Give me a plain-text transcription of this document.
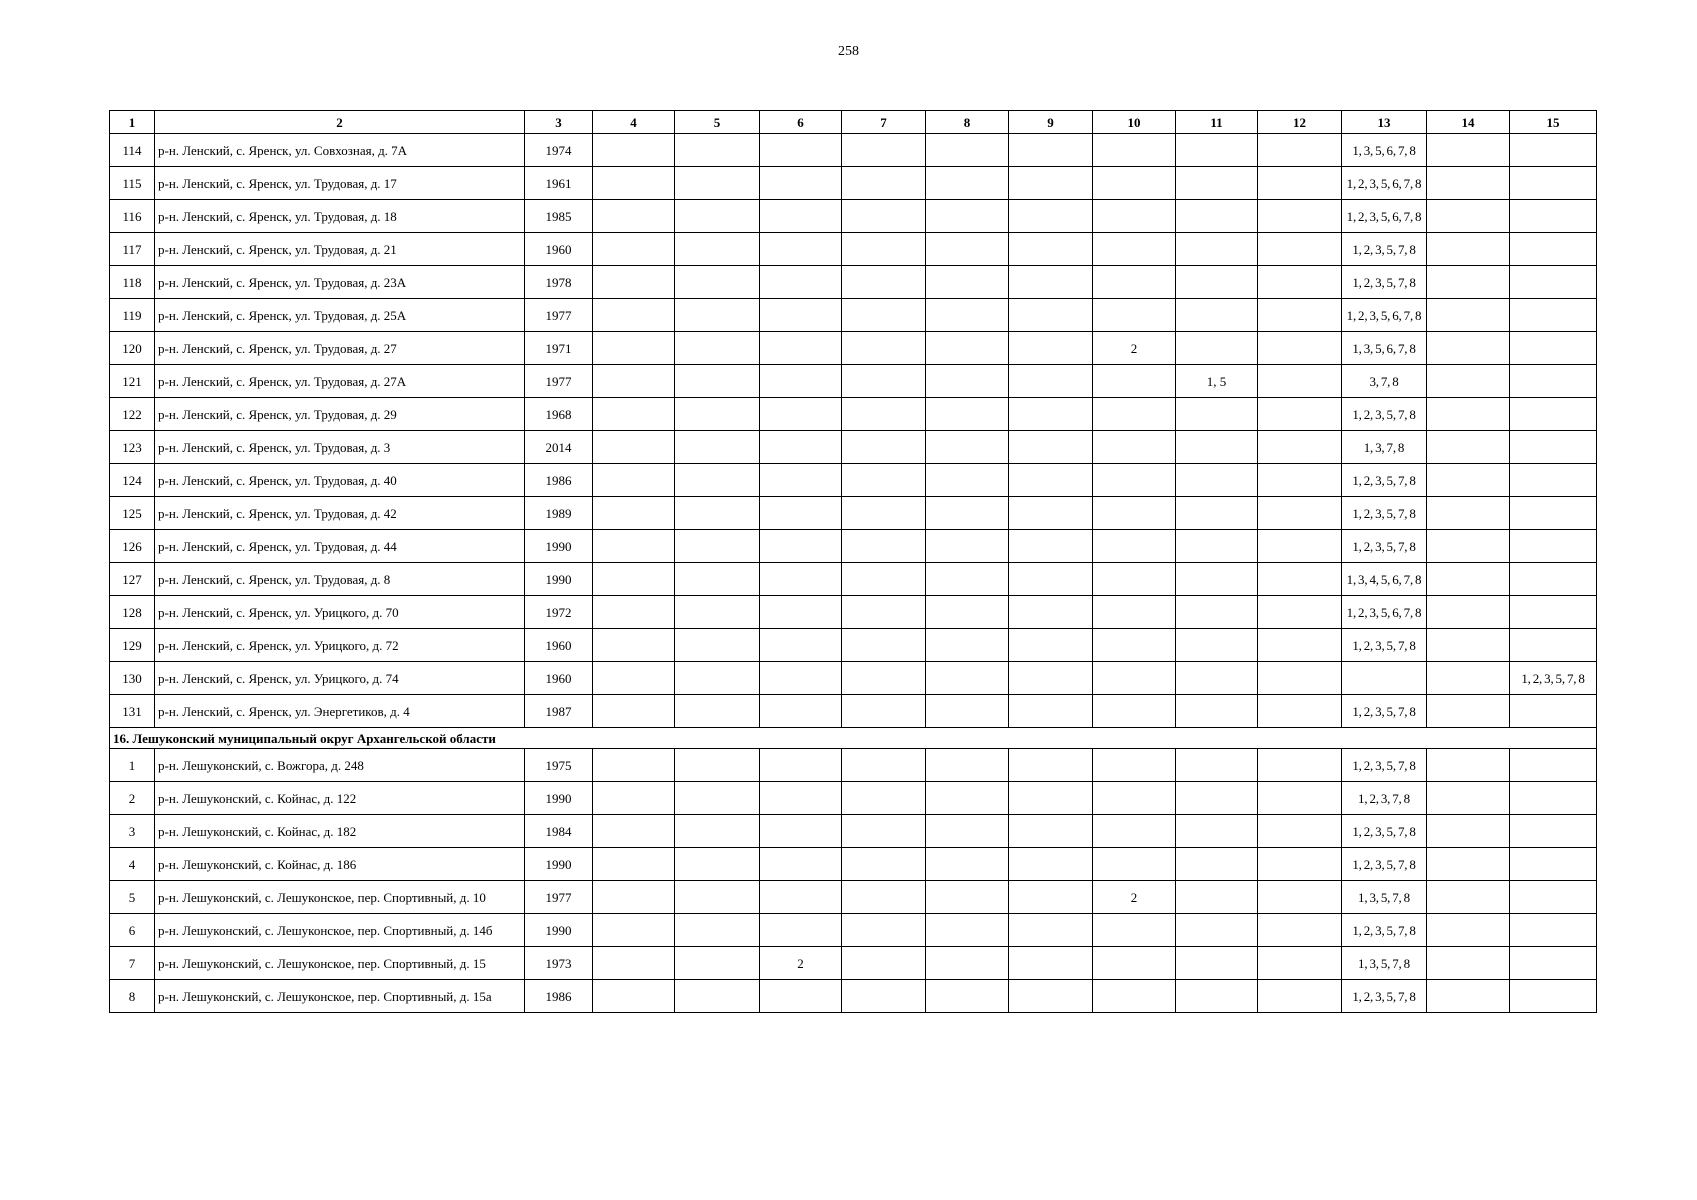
258
1	2	3	4	5	6	7	8	9	10	11	12	13	14	15
114	р-н. Ленский, с. Яренск, ул. Совхозная, д. 7А	1974										1, 3, 5, 6, 7, 8		
115	р-н. Ленский, с. Яренск, ул. Трудовая, д. 17	1961										1, 2, 3, 5, 6, 7, 8		
116	р-н. Ленский, с. Яренск, ул. Трудовая, д. 18	1985										1, 2, 3, 5, 6, 7, 8		
117	р-н. Ленский, с. Яренск, ул. Трудовая, д. 21	1960										1, 2, 3, 5, 7, 8		
118	р-н. Ленский, с. Яренск, ул. Трудовая, д. 23А	1978										1, 2, 3, 5, 7, 8		
119	р-н. Ленский, с. Яренск, ул. Трудовая, д. 25А	1977										1, 2, 3, 5, 6, 7, 8		
120	р-н. Ленский, с. Яренск, ул. Трудовая, д. 27	1971							2			1, 3, 5, 6, 7, 8		
121	р-н. Ленский, с. Яренск, ул. Трудовая, д. 27А	1977								1, 5		3, 7, 8		
122	р-н. Ленский, с. Яренск, ул. Трудовая, д. 29	1968										1, 2, 3, 5, 7, 8		
123	р-н. Ленский, с. Яренск, ул. Трудовая, д. 3	2014										1, 3, 7, 8		
124	р-н. Ленский, с. Яренск, ул. Трудовая, д. 40	1986										1, 2, 3, 5, 7, 8		
125	р-н. Ленский, с. Яренск, ул. Трудовая, д. 42	1989										1, 2, 3, 5, 7, 8		
126	р-н. Ленский, с. Яренск, ул. Трудовая, д. 44	1990										1, 2, 3, 5, 7, 8		
127	р-н. Ленский, с. Яренск, ул. Трудовая, д. 8	1990										1, 3, 4, 5, 6, 7, 8		
128	р-н. Ленский, с. Яренск, ул. Урицкого, д. 70	1972										1, 2, 3, 5, 6, 7, 8		
129	р-н. Ленский, с. Яренск, ул. Урицкого, д. 72	1960										1, 2, 3, 5, 7, 8		
130	р-н. Ленский, с. Яренск, ул. Урицкого, д. 74	1960												1, 2, 3, 5, 7, 8
131	р-н. Ленский, с. Яренск, ул. Энергетиков, д. 4	1987										1, 2, 3, 5, 7, 8		
16. Лешуконский муниципальный округ Архангельской области														
1	р-н. Лешуконский, с. Вожгора, д. 248	1975										1, 2, 3, 5, 7, 8		
2	р-н. Лешуконский, с. Койнас, д. 122	1990										1, 2, 3, 7, 8		
3	р-н. Лешуконский, с. Койнас, д. 182	1984										1, 2, 3, 5, 7, 8		
4	р-н. Лешуконский, с. Койнас, д. 186	1990										1, 2, 3, 5, 7, 8		
5	р-н. Лешуконский, с. Лешуконское, пер. Спортивный, д. 10	1977							2			1, 3, 5, 7, 8		
6	р-н. Лешуконский, с. Лешуконское, пер. Спортивный, д. 14б	1990										1, 2, 3, 5, 7, 8		
7	р-н. Лешуконский, с. Лешуконское, пер. Спортивный, д. 15	1973			2							1, 3, 5, 7, 8		
8	р-н. Лешуконский, с. Лешуконское, пер. Спортивный, д. 15а	1986										1, 2, 3, 5, 7, 8		
